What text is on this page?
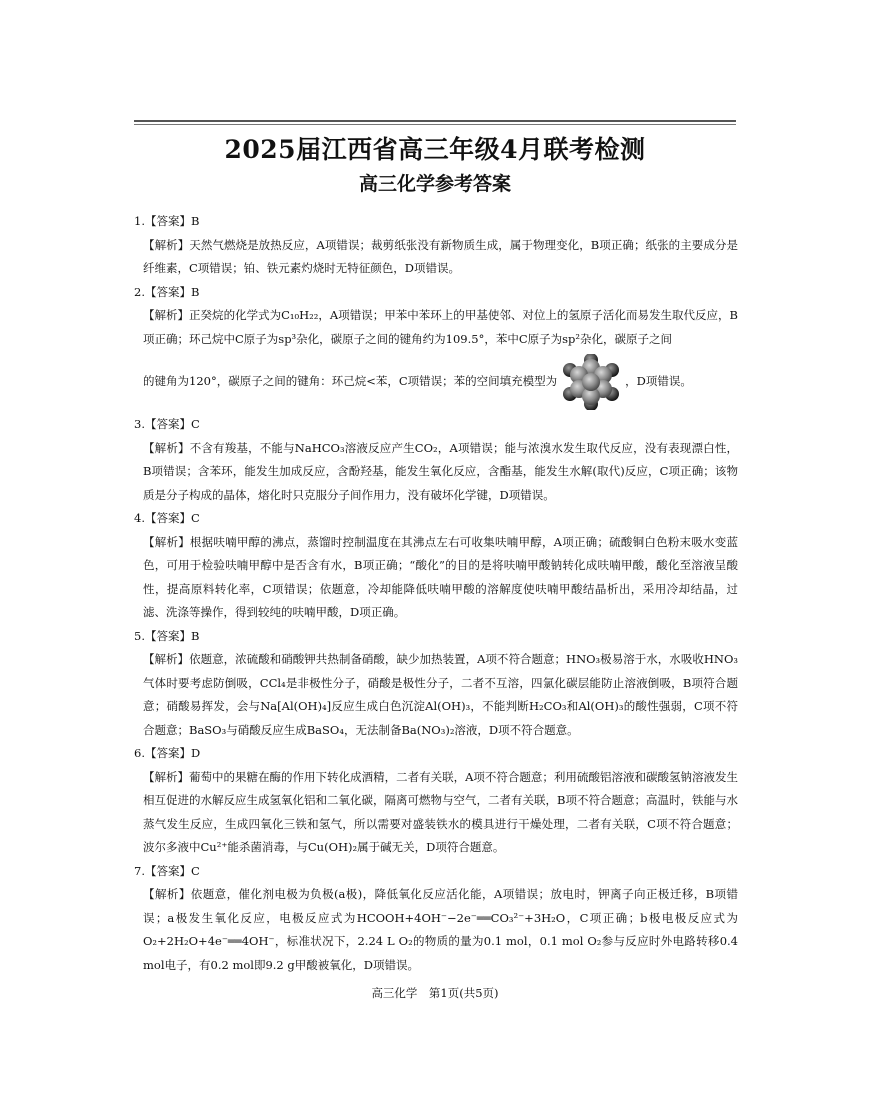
2025届江西省高三年级4月联考检测
高三化学参考答案
1.【答案】B
【解析】天然气燃烧是放热反应，A项错误；裁剪纸张没有新物质生成，属于物理变化，B项正确；纸张的主要成分是纤维素，C项错误；铂、铁元素灼烧时无特征颜色，D项错误。
2.【答案】B

【解析】正癸烷的化学式为C₁₀H₂₂，A项错误；甲苯中苯环上的甲基使邻、对位上的氢原子活化而易发生取代反应，B项正确；环己烷中C原子为sp³杂化，碳原子之间的键角约为109.5°，苯中C原子为sp²杂化，碳原子之间

的键角为120°，碳原子之间的键角：环己烷<苯，C项错误；苯的空间填充模型为	，D项错误。
3.【答案】C
【解析】不含有羧基，不能与NaHCO₃溶液反应产生CO₂，A项错误；能与浓溴水发生取代反应，没有表现漂白性，B项错误；含苯环，能发生加成反应，含酚羟基，能发生氧化反应，含酯基，能发生水解(取代)反应，C项正确；该物质是分子构成的晶体，熔化时只克服分子间作用力，没有破坏化学键，D项错误。
4.【答案】C
【解析】根据呋喃甲醇的沸点，蒸馏时控制温度在其沸点左右可收集呋喃甲醇，A项正确；硫酸铜白色粉末吸水变蓝色，可用于检验呋喃甲醇中是否含有水，B项正确；“酸化”的目的是将呋喃甲酸钠转化成呋喃甲酸，酸化至溶液呈酸性，提高原料转化率，C项错误；依题意，冷却能降低呋喃甲酸的溶解度使呋喃甲酸结晶析出，采用冷却结晶，过滤、洗涤等操作，得到较纯的呋喃甲酸，D项正确。
5.【答案】B
【解析】依题意，浓硫酸和硝酸钾共热制备硝酸，缺少加热装置，A项不符合题意；HNO₃极易溶于水，水吸收HNO₃气体时要考虑防倒吸，CCl₄是非极性分子，硝酸是极性分子，二者不互溶，四氯化碳层能防止溶液倒吸，B项符合题意；硝酸易挥发，会与Na[Al(OH)₄]反应生成白色沉淀Al(OH)₃，不能判断H₂CO₃和Al(OH)₃的酸性强弱，C项不符合题意；BaSO₃与硝酸反应生成BaSO₄，无法制备Ba(NO₃)₂溶液，D项不符合题意。
6.【答案】D
【解析】葡萄中的果糖在酶的作用下转化成酒精，二者有关联，A项不符合题意；利用硫酸铝溶液和碳酸氢钠溶液发生相互促进的水解反应生成氢氧化铝和二氧化碳，隔离可燃物与空气，二者有关联，B项不符合题意；高温时，铁能与水蒸气发生反应，生成四氧化三铁和氢气，所以需要对盛装铁水的模具进行干燥处理，二者有关联，C项不符合题意；波尔多液中Cu²⁺能杀菌消毒，与Cu(OH)₂属于碱无关，D项符合题意。
7.【答案】C
【解析】依题意，催化剂电极为负极(a极)，降低氧化反应活化能，A项错误；放电时，钾离子向正极迁移，B项错误；a极发生氧化反应，电极反应式为HCOOH+4OH⁻−2e⁻══CO₃²⁻+3H₂O，C项正确；b极电极反应式为O₂+2H₂O+4e⁻══4OH⁻，标准状况下，2.24 L O₂的物质的量为0.1 mol，0.1 mol O₂参与反应时外电路转移0.4 mol电子，有0.2 mol即9.2 g甲酸被氧化，D项错误。
高三化学　第1页(共5页)
